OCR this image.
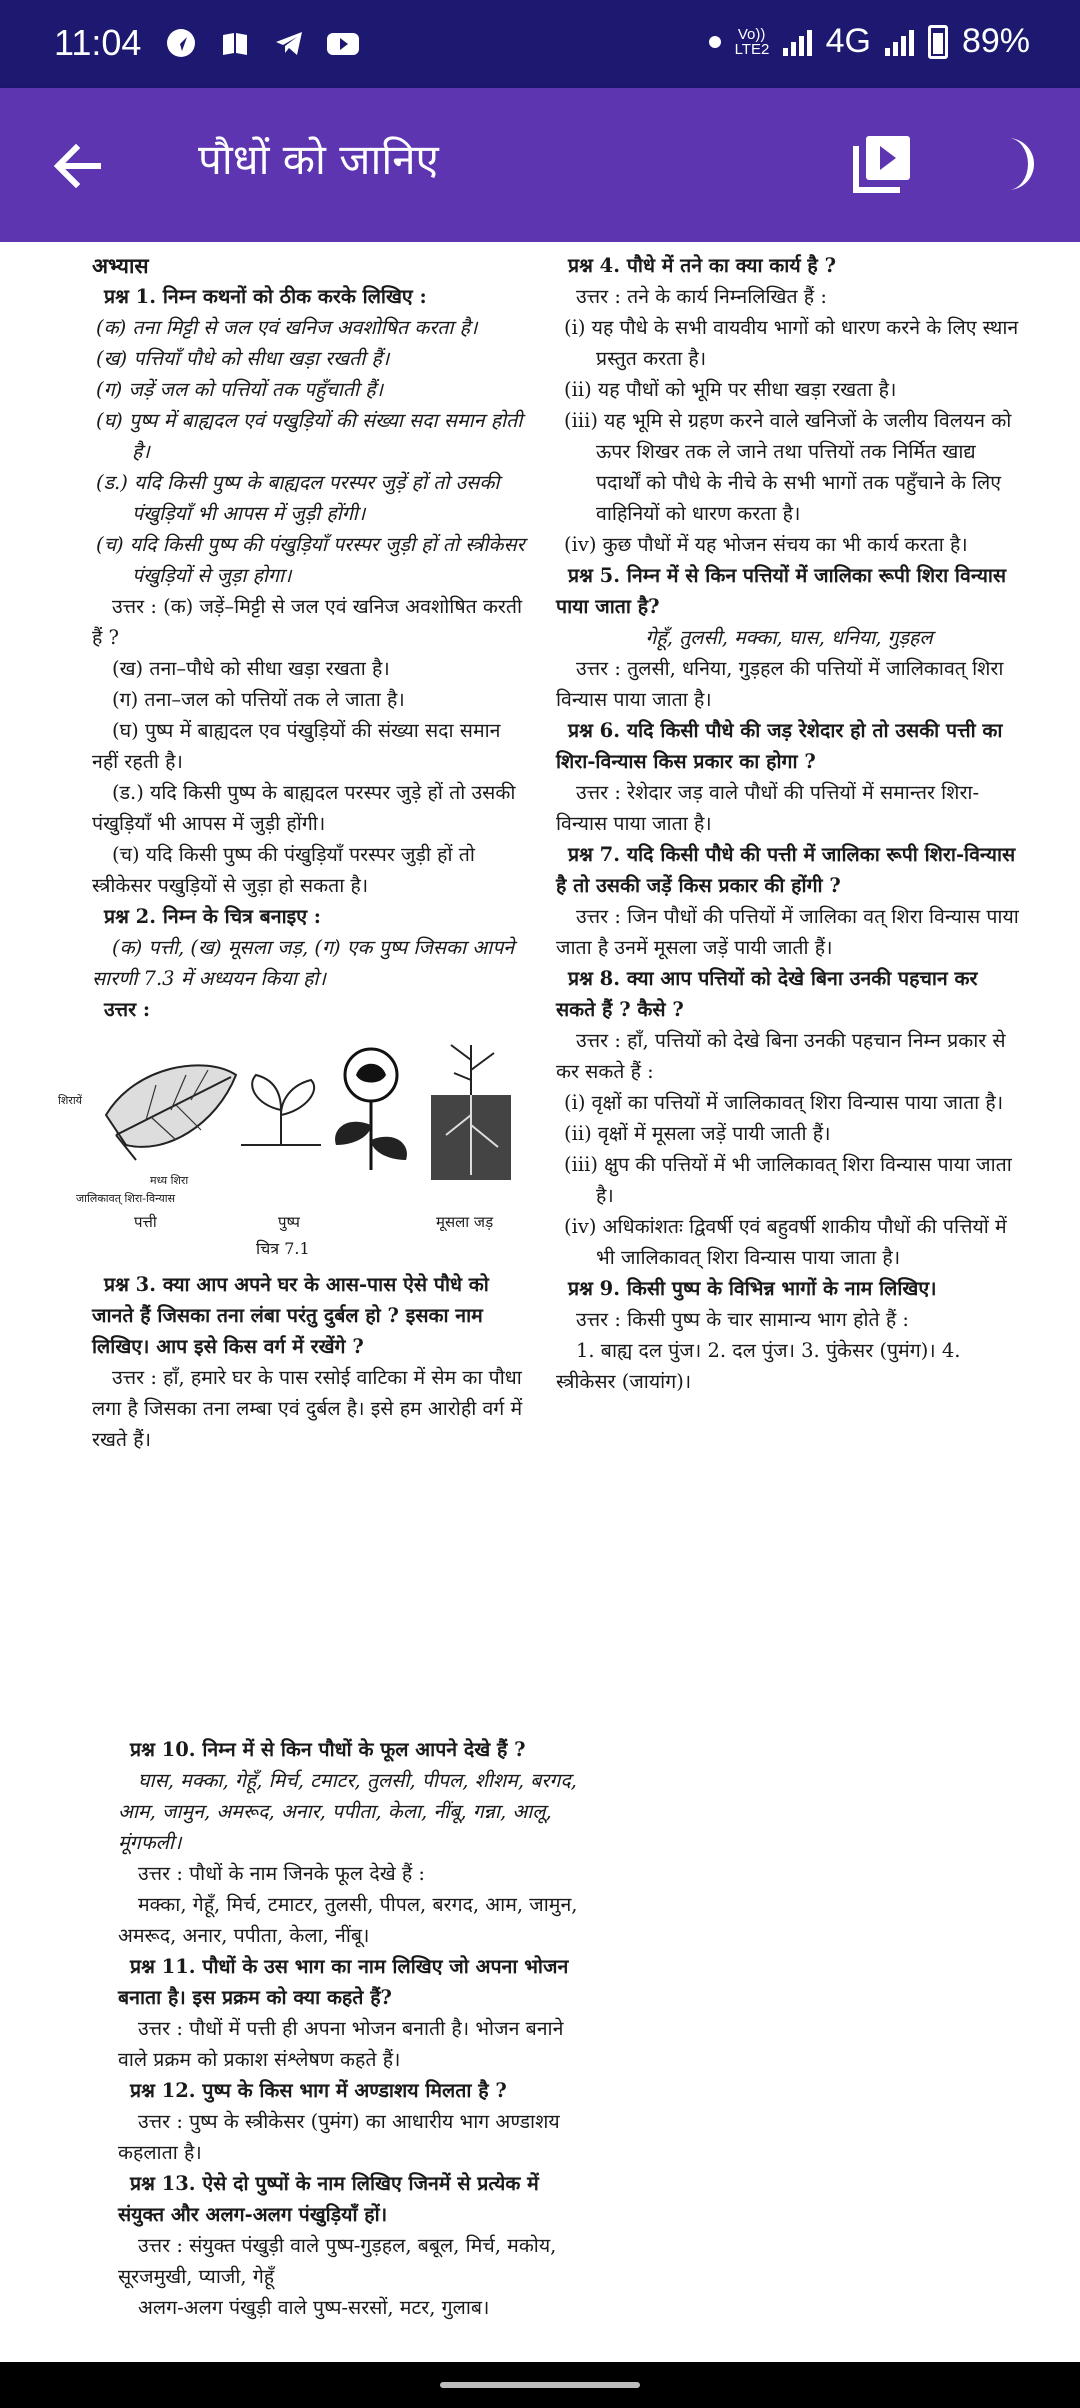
11:04	Vo)) LTE2 4G	89%
पौधों को जानिए

अभ्यास

प्रश्न 1. निम्न कथनों को ठीक करके लिखिए :

(क) तना मिट्टी से जल एवं खनिज अवशोषित करता है।

(ख) पत्तियाँ पौधे को सीधा खड़ा रखती हैं।

(ग) जड़ें जल को पत्तियों तक पहुँचाती हैं।

(घ) पुष्प में बाह्यदल एवं पखुड़ियों की संख्या सदा समान होती है।

(ड.) यदि किसी पुष्प के बाह्यदल परस्पर जुड़ें हों तो उसकी पंखुड़ियाँ भी आपस में जुड़ी होंगी।

(च) यदि किसी पुष्प की पंखुड़ियाँ परस्पर जुड़ी हों तो स्त्रीकेसर पंखुड़ियों से जुड़ा होगा।

उत्तर : (क) जड़ें–मिट्टी से जल एवं खनिज अवशोषित करती हैं ?

(ख) तना–पौधे को सीधा खड़ा रखता है।

(ग) तना–जल को पत्तियों तक ले जाता है।

(घ) पुष्प में बाह्यदल एव पंखुड़ियों की संख्या सदा समान नहीं रहती है।

(ड.) यदि किसी पुष्प के बाह्यदल परस्पर जुड़े हों तो उसकी पंखुड़ियाँ भी आपस में जुड़ी होंगी।

(च) यदि किसी पुष्प की पंखुड़ियाँ परस्पर जुड़ी हों तो स्त्रीकेसर पखुड़ियों से जुड़ा हो सकता है।

प्रश्न 2. निम्न के चित्र बनाइए :

(क) पत्ती, (ख) मूसला जड़, (ग) एक पुष्प जिसका आपने सारणी 7.3 में अध्ययन किया हो।

उत्तर :

शिरायें
मध्य शिरा
जालिकावत् शिरा-विन्यास
पत्ती	पुष्प	मूसला जड़
चित्र 7.1

प्रश्न 3. क्या आप अपने घर के आस-पास ऐसे पौधे को जानते हैं जिसका तना लंबा परंतु दुर्बल हो ? इसका नाम लिखिए। आप इसे किस वर्ग में रखेंगे ?

उत्तर : हाँ, हमारे घर के पास रसोई वाटिका में सेम का पौधा लगा है जिसका तना लम्बा एवं दुर्बल है। इसे हम आरोही वर्ग में रखते हैं।

प्रश्न 4. पौधे में तने का क्या कार्य है ?

उत्तर : तने के कार्य निम्नलिखित हैं :

(i) यह पौधे के सभी वायवीय भागों को धारण करने के लिए स्थान प्रस्तुत करता है।

(ii) यह पौधों को भूमि पर सीधा खड़ा रखता है।

(iii) यह भूमि से ग्रहण करने वाले खनिजों के जलीय विलयन को ऊपर शिखर तक ले जाने तथा पत्तियों तक निर्मित खाद्य पदार्थों को पौधे के नीचे के सभी भागों तक पहुँचाने के लिए वाहिनियों को धारण करता है।

(iv) कुछ पौधों में यह भोजन संचय का भी कार्य करता है।

प्रश्न 5. निम्न में से किन पत्तियों में जालिका रूपी शिरा विन्यास पाया जाता है?

गेहूँ, तुलसी, मक्का, घास, धनिया, गुड़हल

उत्तर : तुलसी, धनिया, गुड़हल की पत्तियों में जालिकावत् शिरा विन्यास पाया जाता है।

प्रश्न 6. यदि किसी पौधे की जड़ रेशेदार हो तो उसकी पत्ती का शिरा-विन्यास किस प्रकार का होगा ?

उत्तर : रेशेदार जड़ वाले पौधों की पत्तियों में समान्तर शिरा-विन्यास पाया जाता है।

प्रश्न 7. यदि किसी पौधे की पत्ती में जालिका रूपी शिरा-विन्यास है तो उसकी जड़ें किस प्रकार की होंगी ?

उत्तर : जिन पौधों की पत्तियों में जालिका वत् शिरा विन्यास पाया जाता है उनमें मूसला जड़ें पायी जाती हैं।

प्रश्न 8. क्या आप पत्तियों को देखे बिना उनकी पहचान कर सकते हैं ? कैसे ?

उत्तर : हाँ, पत्तियों को देखे बिना उनकी पहचान निम्न प्रकार से कर सकते हैं :

(i) वृक्षों का पत्तियों में जालिकावत् शिरा विन्यास पाया जाता है।

(ii) वृक्षों में मूसला जड़ें पायी जाती हैं।

(iii) क्षुप की पत्तियों में भी जालिकावत् शिरा विन्यास पाया जाता है।

(iv) अधिकांशतः द्विवर्षी एवं बहुवर्षी शाकीय पौधों की पत्तियों में भी जालिकावत् शिरा विन्यास पाया जाता है।

प्रश्न 9. किसी पुष्प के विभिन्न भागों के नाम लिखिए।

उत्तर : किसी पुष्प के चार सामान्य भाग होते हैं :

1. बाह्य दल पुंज। 2. दल पुंज। 3. पुंकेसर (पुमंग)। 4. स्त्रीकेसर (जायांग)।

प्रश्न 10. निम्न में से किन पौधों के फूल आपने देखे हैं ?

घास, मक्का, गेहूँ, मिर्च, टमाटर, तुलसी, पीपल, शीशम, बरगद, आम, जामुन, अमरूद, अनार, पपीता, केला, नींबू, गन्ना, आलू, मूंगफली।

उत्तर : पौधों के नाम जिनके फूल देखे हैं :

मक्का, गेहूँ, मिर्च, टमाटर, तुलसी, पीपल, बरगद, आम, जामुन, अमरूद, अनार, पपीता, केला, नींबू।

प्रश्न 11. पौधों के उस भाग का नाम लिखिए जो अपना भोजन बनाता है। इस प्रक्रम को क्या कहते हैं?

उत्तर : पौधों में पत्ती ही अपना भोजन बनाती है। भोजन बनाने वाले प्रक्रम को प्रकाश संश्लेषण कहते हैं।

प्रश्न 12. पुष्प के किस भाग में अण्डाशय मिलता है ?

उत्तर : पुष्प के स्त्रीकेसर (पुमंग) का आधारीय भाग अण्डाशय कहलाता है।

प्रश्न 13. ऐसे दो पुष्पों के नाम लिखिए जिनमें से प्रत्येक में संयुक्त और अलग-अलग पंखुड़ियाँ हों।

उत्तर : संयुक्त पंखुड़ी वाले पुष्प-गुड़हल, बबूल, मिर्च, मकोय, सूरजमुखी, प्याजी, गेहूँ

अलग-अलग पंखुड़ी वाले पुष्प-सरसों, मटर, गुलाब।
